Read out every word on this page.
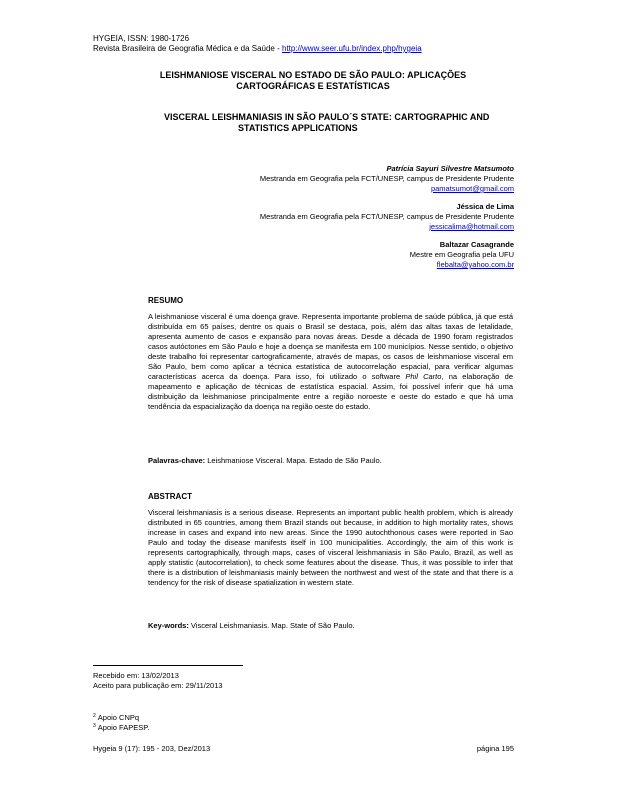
HYGEIA, ISSN: 1980-1726
Revista Brasileira de Geografia Médica e da Saúde - http://www.seer.ufu.br/index.php/hygeia
LEISHMANIOSE VISCERAL NO ESTADO DE SÃO PAULO: APLICAÇÕES
CARTOGRÁFICAS E ESTATÍSTICAS
VISCERAL LEISHMANIASIS IN SÃO PAULO´S STATE: CARTOGRAPHIC AND
STATISTICS APPLICATIONS
Patrícia Sayuri Silvestre Matsumoto
Mestranda em Geografia pela FCT/UNESP, campus de Presidente Prudente
pamatsumot@gmail.com
Jéssica de Lima
Mestranda em Geografia pela FCT/UNESP, campus de Presidente Prudente
jessicalima@hotmail.com
Baltazar Casagrande
Mestre em Geografia pela UFU
flebalta@yahoo.com.br
RESUMO
A leishmaniose visceral é uma doença grave. Representa importante problema de saúde pública, já que está distribuída em 65 países, dentre os quais o Brasil se destaca, pois, além das altas taxas de letalidade, apresenta aumento de casos e expansão para novas áreas. Desde a década de 1990 foram registrados casos autóctones em São Paulo e hoje a doença se manifesta em 100 municípios. Nesse sentido, o objetivo deste trabalho foi representar cartograficamente, através de mapas, os casos de leishmaniose visceral em São Paulo, bem como aplicar a técnica estatística de autocorrelação espacial, para verificar algumas características acerca da doença. Para isso, foi utilizado o software Phil Carto, na elaboração de mapeamento e aplicação de técnicas de estatística espacial. Assim, foi possível inferir que há uma distribuição da leishmaniose principalmente entre a região noroeste e oeste do estado e que há uma tendência da espacialização da doença na região oeste do estado.
Palavras-chave: Leishmaniose Visceral. Mapa. Estado de São Paulo.
ABSTRACT
Visceral leishmaniasis is a serious disease. Represents an important public health problem, which is already distributed in 65 countries, among them Brazil stands out because, in addition to high mortality rates, shows increase in cases and expand into new areas. Since the 1990 autochthonous cases were reported in Sao Paulo and today the disease manifests itself in 100 municipalities. Accordingly, the aim of this work is represents cartographically, through maps, cases of visceral leishmaniasis in São Paulo, Brazil, as well as apply statistic (autocorrelation), to check some features about the disease. Thus, it was possible to infer that there is a distribution of leishmaniasis mainly between the northwest and west of the state and that there is a tendency for the risk of disease spatialization in western state.
Key-words: Visceral Leishmaniasis. Map. State of São Paulo.
Recebido em: 13/02/2013
Aceito para publicação em: 29/11/2013
$^2$ Apoio CNPq
$^3$ Apoio FAPESP.
Hygeia 9 (17): 195 - 203, Dez/2013	página 195
